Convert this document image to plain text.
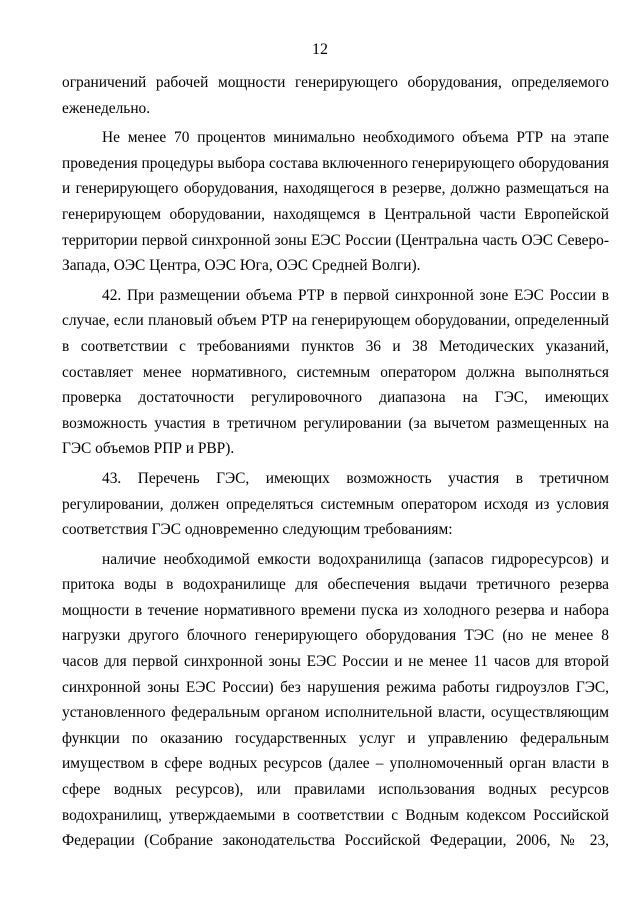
12

ограничений рабочей мощности генерирующего оборудования, определяемого еженедельно.

Не менее 70 процентов минимально необходимого объема РТР на этапе проведения процедуры выбора состава включенного генерирующего оборудования и генерирующего оборудования, находящегося в резерве, должно размещаться на генерирующем оборудовании, находящемся в Центральной части Европейской территории первой синхронной зоны ЕЭС России (Центральна часть ОЭС Северо-Запада, ОЭС Центра, ОЭС Юга, ОЭС Средней Волги).

42. При размещении объема РТР в первой синхронной зоне ЕЭС России в случае, если плановый объем РТР на генерирующем оборудовании, определенный в соответствии с требованиями пунктов 36 и 38 Методических указаний, составляет менее нормативного, системным оператором должна выполняться проверка достаточности регулировочного диапазона на ГЭС, имеющих возможность участия в третичном регулировании (за вычетом размещенных на ГЭС объемов РПР и РВР).

43. Перечень ГЭС, имеющих возможность участия в третичном регулировании, должен определяться системным оператором исходя из условия соответствия ГЭС одновременно следующим требованиям:

наличие необходимой емкости водохранилища (запасов гидроресурсов) и притока воды в водохранилище для обеспечения выдачи третичного резерва мощности в течение нормативного времени пуска из холодного резерва и набора нагрузки другого блочного генерирующего оборудования ТЭС (но не менее 8 часов для первой синхронной зоны ЕЭС России и не менее 11 часов для второй синхронной зоны ЕЭС России) без нарушения режима работы гидроузлов ГЭС, установленного федеральным органом исполнительной власти, осуществляющим функции по оказанию государственных услуг и управлению федеральным имуществом в сфере водных ресурсов (далее – уполномоченный орган власти в сфере водных ресурсов), или правилами использования водных ресурсов водохранилищ, утверждаемыми в соответствии с Водным кодексом Российской Федерации (Собрание законодательства Российской Федерации, 2006, № 23,
